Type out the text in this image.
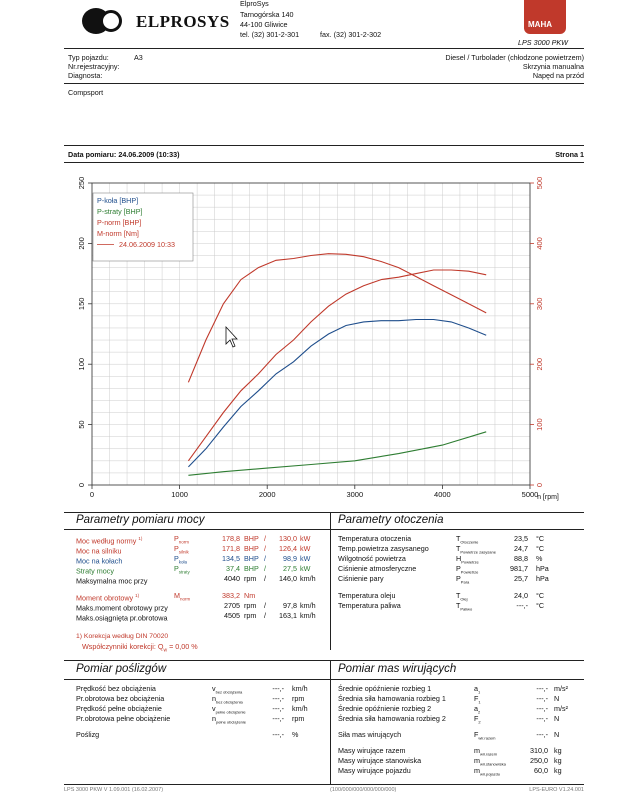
ELPROSYS
ElproSys
Tarnogórska 140
44-100 Gliwice
tel. (32) 301-2-301	fax. (32) 301-2-302
MAHA
LPS 3000 PKW
Typ pojazdu:	A3
Nr.rejestracyjny:
Diagnosta:
Diesel / Turbolader (chłodzone powietrzem)
Skrzynia manualna
Napęd na przód
Compsport
Data pomiaru: 24.06.2009 (10:33)	Strona 1
0	1000	2000	3000	4000	5000
0
50
100
150
200
250
0
100
200
300
400
500
n [rpm]
P-koła [BHP]
P-straty [BHP]
P-norm [BHP]
M-norm [Nm]
24.06.2009 10:33
Parametry pomiaru mocy
Moc według normy $^{1)}$	$P_{norm}$	178,8 BHP / 130,0 kW
Moc na silniku	$P_{silnik}$	171,8 BHP / 126,4 kW
Moc na kołach	$P_{koła}$	134,5 BHP / 98,9 kW
Straty mocy	$P_{straty}$	37,4 BHP / 27,5 kW
Maksymalna moc przy	4040 rpm / 146,0 km/h
Moment obrotowy $^{1)}$	$M_{norm}$	383,2 Nm
Maks.moment obrotowy przy	2705 rpm / 97,8 km/h
Maks.osiągnięta pr.obrotowa	4505 rpm / 163,1 km/h
1) Korekcja według DIN 70020
Współczynniki korekcji: $Q_w = 0,00$ %
Parametry otoczenia
Temperatura otoczenia	$T_{Otoczenie}$	23,5 °C
Temp.powietrza zasysanego	$T_{Powietrze zasysane}$	24,7 °C
Wilgotność powietrza	$H_{Powietrze}$	88,8 %
Ciśnienie atmosferyczne	$P_{Powietrze}$	981,7 hPa
Ciśnienie pary	$P_{Para}$	25,7 hPa
Temperatura oleju	$T_{Olej}$	24,0 °C
Temperatura paliwa	$T_{Paliwo}$	---,- °C
Pomiar poślizgów
Prędkość bez obciążenia	$v_{bez obciążenia}$	---,- km/h
Pr.obrotowa bez obciążenia	$n_{bez obciążenia}$	---,- rpm
Prędkość pełne obciążenie	$v_{pełne obciążenie}$	---,- km/h
Pr.obrotowa pełne obciążenie	$n_{pełne obciążenie}$	---,- rpm
Poślizg	---,- %
Pomiar mas wirujących
Średnie opóźnienie rozbieg 1	$a_1$	---,- m/s²
Średnia siła hamowania rozbieg 1	$F_1$	---,- N
Średnie opóźnienie rozbieg 2	$a_2$	---,- m/s²
Średnia siła hamowania rozbieg 2	$F_2$	---,- N
Siła mas wirujących	$F_{wir.razem}$	---,- N
Masy wirujące razem	$m_{wir.razem}$	310,0 kg
Masy wirujące stanowiska	$m_{wir.stanowiska}$	250,0 kg
Masy wirujące pojazdu	$m_{wir.pojazdu}$	60,0 kg
LPS 3000 PKW V 1.09.001 (16.02.2007)	(100/000/000/000/000/000)	LPS-EURO V1.24.001
